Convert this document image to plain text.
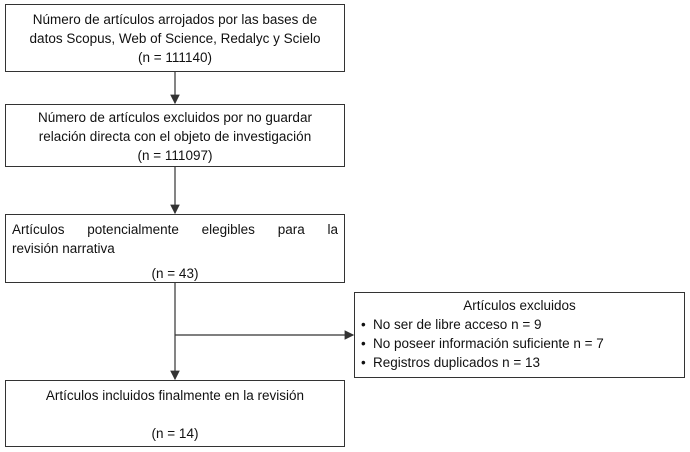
Número de artículos arrojados por las bases de
datos Scopus, Web of Science, Redalyc y Scielo
(n = 111140)
Número de artículos excluidos por no guardar
relación directa con el objeto de investigación
(n = 111097)
Artículos potencialmente elegibles para la
revisión narrativa
(n = 43)
Artículos excluidos
• No ser de libre acceso n = 9
• No poseer información suficiente n = 7
• Registros duplicados n = 13
Artículos incluidos finalmente en la revisión
(n = 14)
